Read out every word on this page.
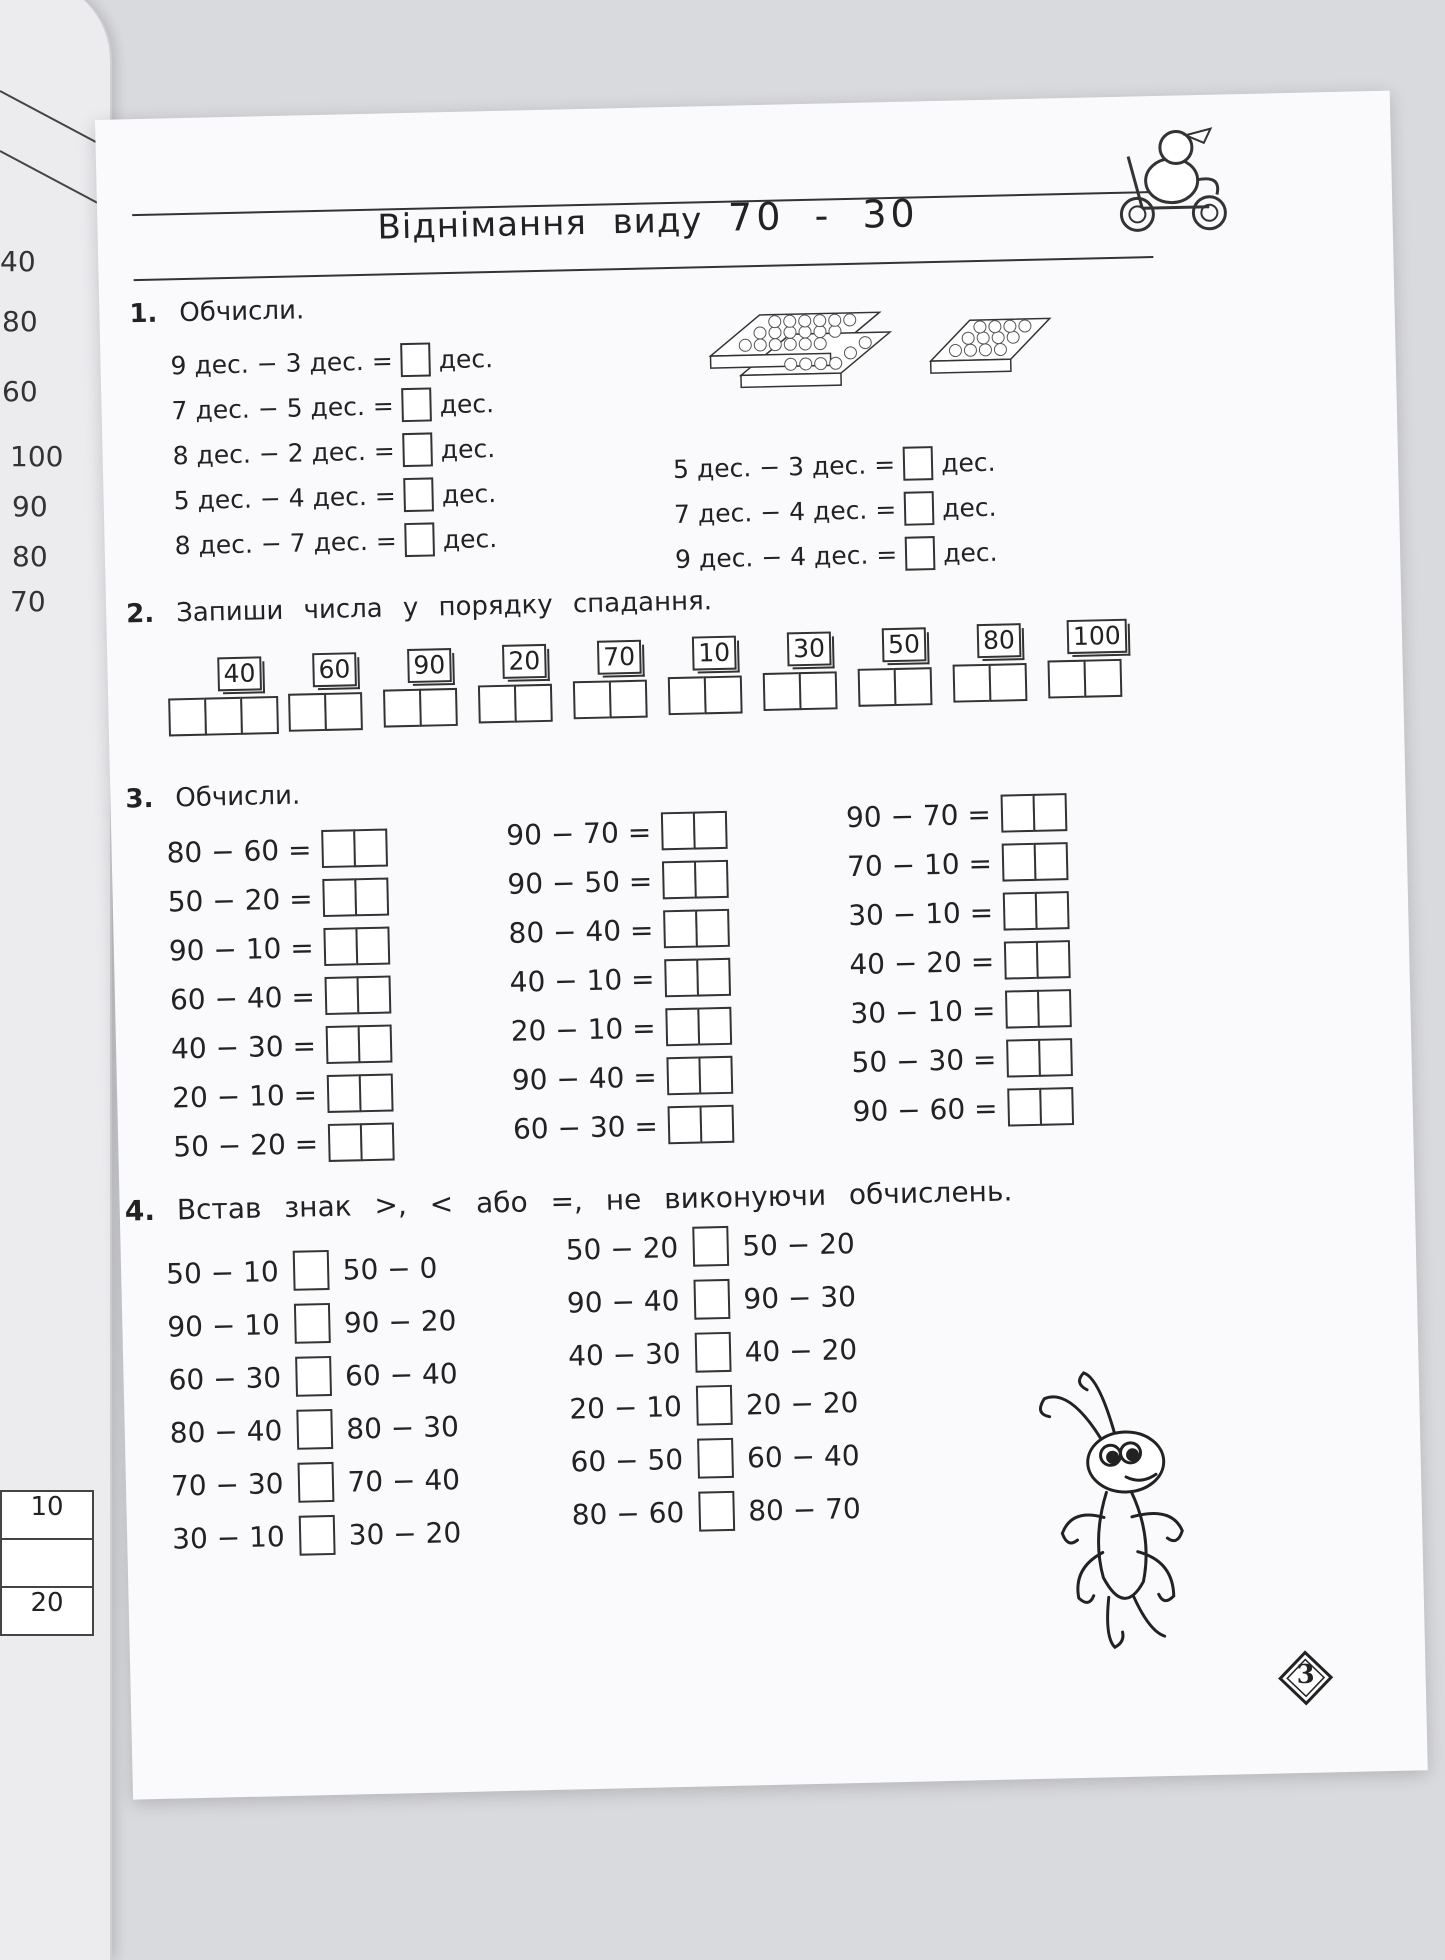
40
80
60
100
90
80
70
10
20
Віднімання виду 70 - 30
1. Обчисли.
9 дес. − 3 дес. = дес.
7 дес. − 5 дес. = дес.
8 дес. − 2 дес. = дес.
5 дес. − 4 дес. = дес.
8 дес. − 7 дес. = дес.
5 дес. − 3 дес. = дес.
7 дес. − 4 дес. = дес.
9 дес. − 4 дес. = дес.
2. Запиши числа у порядку спадання.
40 60 90 20 70 10 30 50 80 100
3. Обчисли.
80 − 60 =
50 − 20 =
90 − 10 =
60 − 40 =
40 − 30 =
20 − 10 =
50 − 20 =
90 − 70 =
90 − 50 =
80 − 40 =
40 − 10 =
20 − 10 =
90 − 40 =
60 − 30 =
90 − 70 =
70 − 10 =
30 − 10 =
40 − 20 =
30 − 10 =
50 − 30 =
90 − 60 =
4. Встав знак >, < або =, не виконуючи обчислень.
50 − 10 50 − 0
90 − 10 90 − 20
60 − 30 60 − 40
80 − 40 80 − 30
70 − 30 70 − 40
30 − 10 30 − 20
50 − 20 50 − 20
90 − 40 90 − 30
40 − 30 40 − 20
20 − 10 20 − 20
60 − 50 60 − 40
80 − 60 80 − 70
3
